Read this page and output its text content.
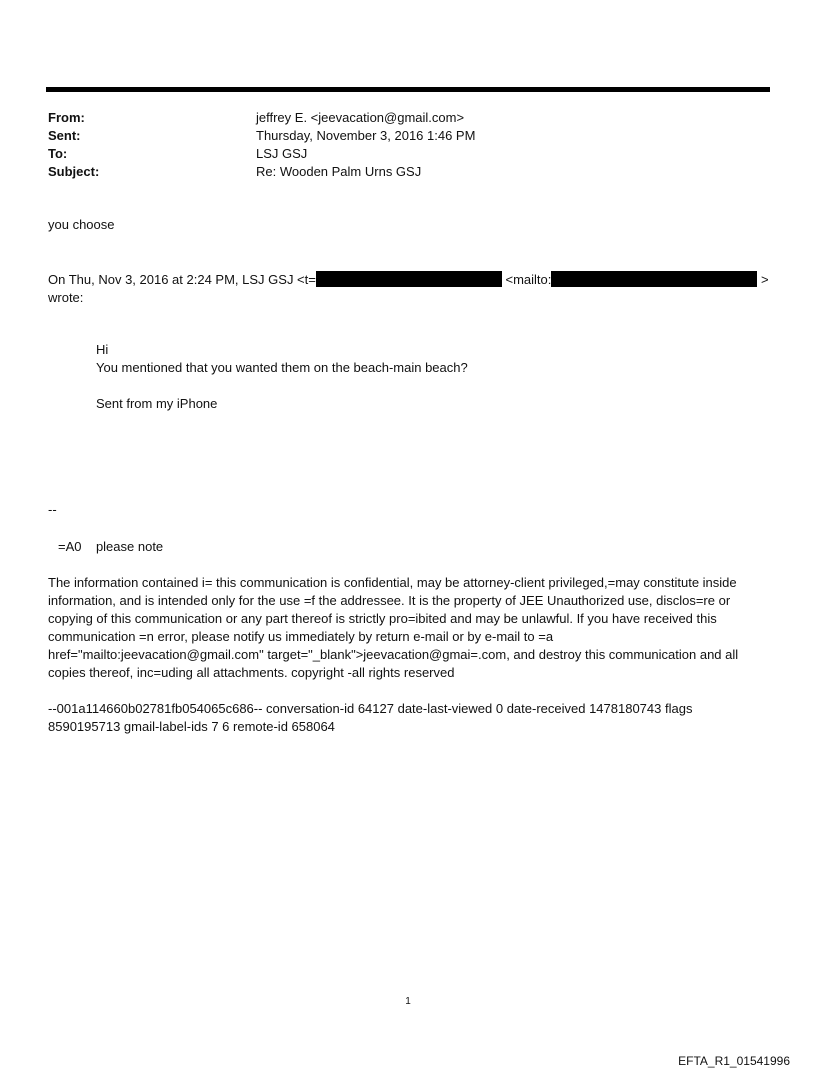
From:	jeffrey E. <jeevacation@gmail.com>
Sent:	Thursday, November 3, 2016 1:46 PM
To:	LSJ GSJ
Subject:	Re: Wooden Palm Urns GSJ
you choose
On Thu, Nov 3, 2016 at 2:24 PM, LSJ GSJ <t=	<mailto:	>
wrote:
Hi
You mentioned that you wanted them on the beach-main beach?
Sent from my iPhone
--
=A0    please note
The information contained i= this communication is confidential, may be attorney-client privileged,=may constitute inside information, and is intended only for the use =f the addressee. It is the property of JEE Unauthorized use, disclos=re or copying of this communication or any part thereof is strictly pro=ibited and may be unlawful. If you have received this communication =n error, please notify us immediately by return e-mail or by e-mail to =a href="mailto:jeevacation@gmail.com" target="_blank">jeevacation@gmai=.com, and destroy this communication and all copies thereof, inc=uding all attachments. copyright -all rights reserved
--001a114660b02781fb054065c686-- conversation-id 64127 date-last-viewed 0 date-received 1478180743 flags 8590195713 gmail-label-ids 7 6 remote-id 658064
1
EFTA_R1_01541996
